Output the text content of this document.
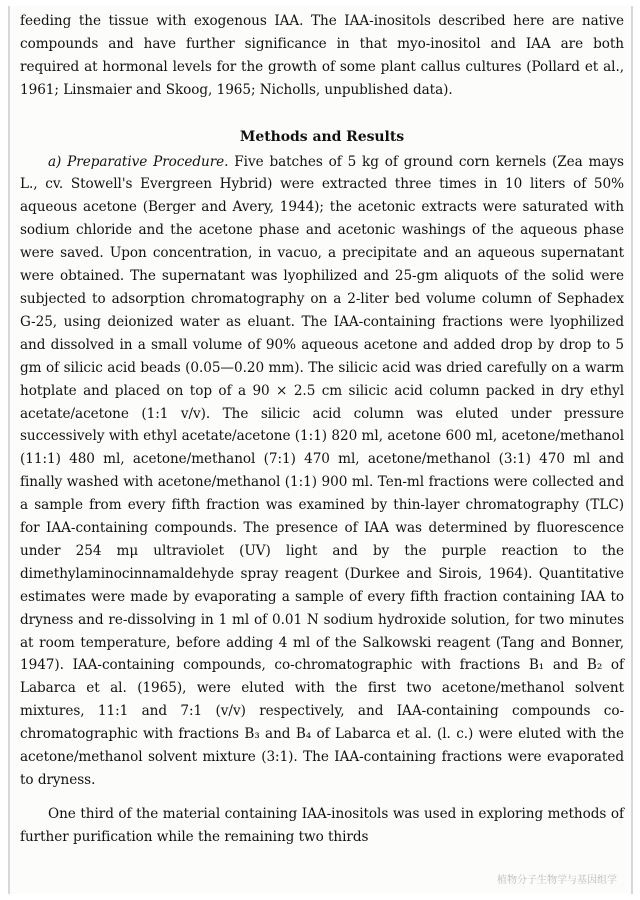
feeding the tissue with exogenous IAA. The IAA-inositols described here are native compounds and have further significance in that myo-inositol and IAA are both required at hormonal levels for the growth of some plant callus cultures (Pollard et al., 1961; Linsmaier and Skoog, 1965; Nicholls, unpublished data).

Methods and Results

a) Preparative Procedure. Five batches of 5 kg of ground corn kernels (Zea mays L., cv. Stowell's Evergreen Hybrid) were extracted three times in 10 liters of 50% aqueous acetone (Berger and Avery, 1944); the acetonic extracts were saturated with sodium chloride and the acetone phase and acetonic washings of the aqueous phase were saved. Upon concentration, in vacuo, a precipitate and an aqueous supernatant were obtained. The supernatant was lyophilized and 25-gm aliquots of the solid were subjected to adsorption chromatography on a 2-liter bed volume column of Sephadex G-25, using deionized water as eluant. The IAA-containing fractions were lyophilized and dissolved in a small volume of 90% aqueous acetone and added drop by drop to 5 gm of silicic acid beads (0.05—0.20 mm). The silicic acid was dried carefully on a warm hotplate and placed on top of a 90 × 2.5 cm silicic acid column packed in dry ethyl acetate/acetone (1:1 v/v). The silicic acid column was eluted under pressure successively with ethyl acetate/acetone (1:1) 820 ml, acetone 600 ml, acetone/methanol (11:1) 480 ml, acetone/methanol (7:1) 470 ml, acetone/methanol (3:1) 470 ml and finally washed with acetone/methanol (1:1) 900 ml. Ten-ml fractions were collected and a sample from every fifth fraction was examined by thin-layer chromatography (TLC) for IAA-containing compounds. The presence of IAA was determined by fluorescence under 254 mμ ultraviolet (UV) light and by the purple reaction to the dimethylaminocinnamaldehyde spray reagent (Durkee and Sirois, 1964). Quantitative estimates were made by evaporating a sample of every fifth fraction containing IAA to dryness and re-dissolving in 1 ml of 0.01 N sodium hydroxide solution, for two minutes at room temperature, before adding 4 ml of the Salkowski reagent (Tang and Bonner, 1947). IAA-containing compounds, co-chromatographic with fractions B₁ and B₂ of Labarca et al. (1965), were eluted with the first two acetone/methanol solvent mixtures, 11:1 and 7:1 (v/v) respectively, and IAA-containing compounds co-chromatographic with fractions B₃ and B₄ of Labarca et al. (l. c.) were eluted with the acetone/methanol solvent mixture (3:1). The IAA-containing fractions were evaporated to dryness.

One third of the material containing IAA-inositols was used in exploring methods of further purification while the remaining two thirds

植物分子生物学与基因组学
